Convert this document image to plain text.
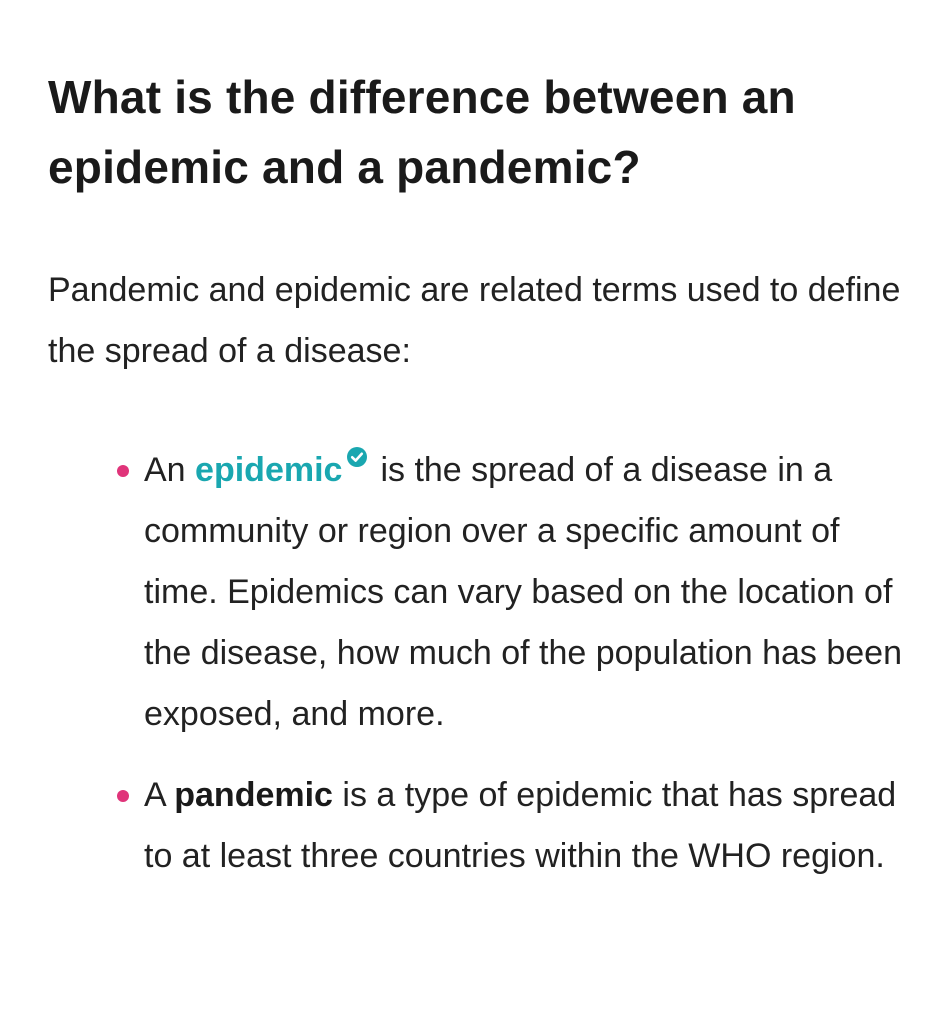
What is the difference between an epidemic and a pandemic?

Pandemic and epidemic are related terms used to define the spread of a disease:

An epidemic is the spread of a disease in a community or region over a specific amount of time. Epidemics can vary based on the location of the disease, how much of the population has been exposed, and more.
A pandemic is a type of epidemic that has spread to at least three countries within the WHO region.
